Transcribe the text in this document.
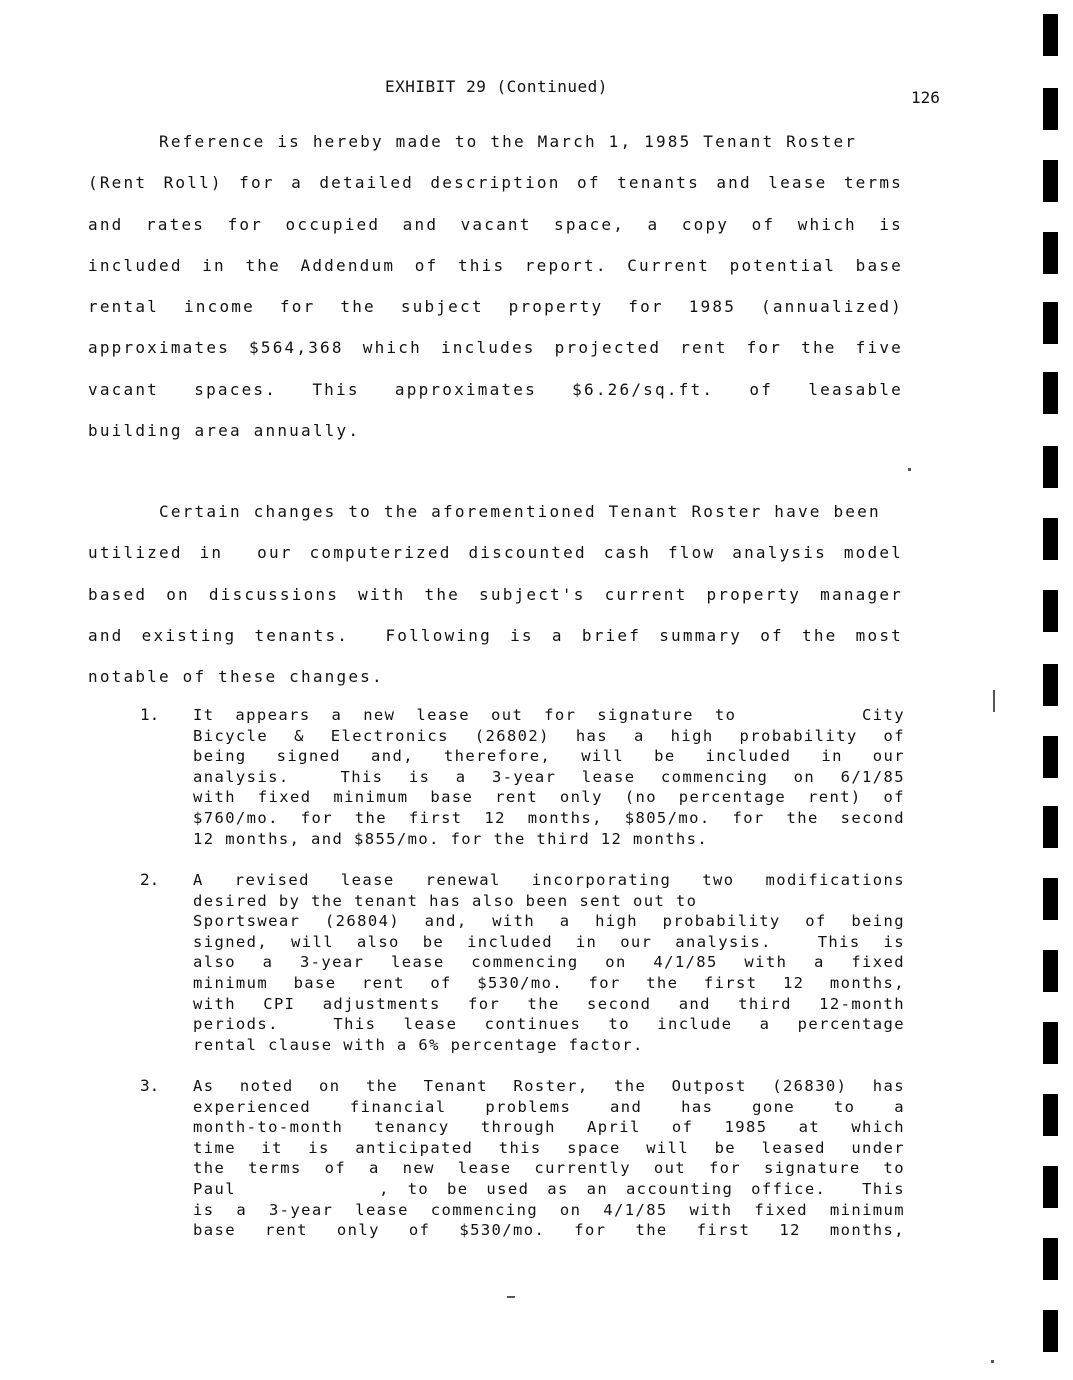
EXHIBIT 29 (Continued)
126
Reference is hereby made to the March 1, 1985 Tenant Roster
(Rent Roll) for a detailed description of tenants and lease terms
and rates for occupied and vacant space, a copy of which is
included in the Addendum of this report. Current potential base
rental income for the subject property for 1985 (annualized)
approximates $564,368 which includes projected rent for the five
vacant spaces. This approximates $6.26/sq.ft. of leasable
building area annually.
Certain changes to the aforementioned Tenant Roster have been
utilized in  our computerized discounted cash flow analysis model
based on discussions with the subject's current property manager
and existing tenants.  Following is a brief summary of the most
notable of these changes.
1. It appears a new lease out for signature to      City
Bicycle & Electronics (26802) has a high probability of
being signed and, therefore, will be included in our
analysis.  This is a 3-year lease commencing on 6/1/85
with fixed minimum base rent only (no percentage rent) of
$760/mo. for the first 12 months, $805/mo. for the second
12 months, and $855/mo. for the third 12 months.
2. A revised lease renewal incorporating two modifications
desired by the tenant has also been sent out to
Sportswear (26804) and, with a high probability of being
signed, will also be included in our analysis.  This is
also a 3-year lease commencing on 4/1/85 with a fixed
minimum base rent of $530/mo. for the first 12 months,
with CPI adjustments for the second and third 12-month
periods.  This lease continues to include a percentage
rental clause with a 6% percentage factor.
3. As noted on the Tenant Roster, the Outpost (26830) has
experienced financial problems and has gone to a
month-to-month tenancy through April of 1985 at which
time it is anticipated this space will be leased under
the terms of a new lease currently out for signature to
Paul        , to be used as an accounting office.  This
is a 3-year lease commencing on 4/1/85 with fixed minimum
base rent only of $530/mo. for the first 12 months,
